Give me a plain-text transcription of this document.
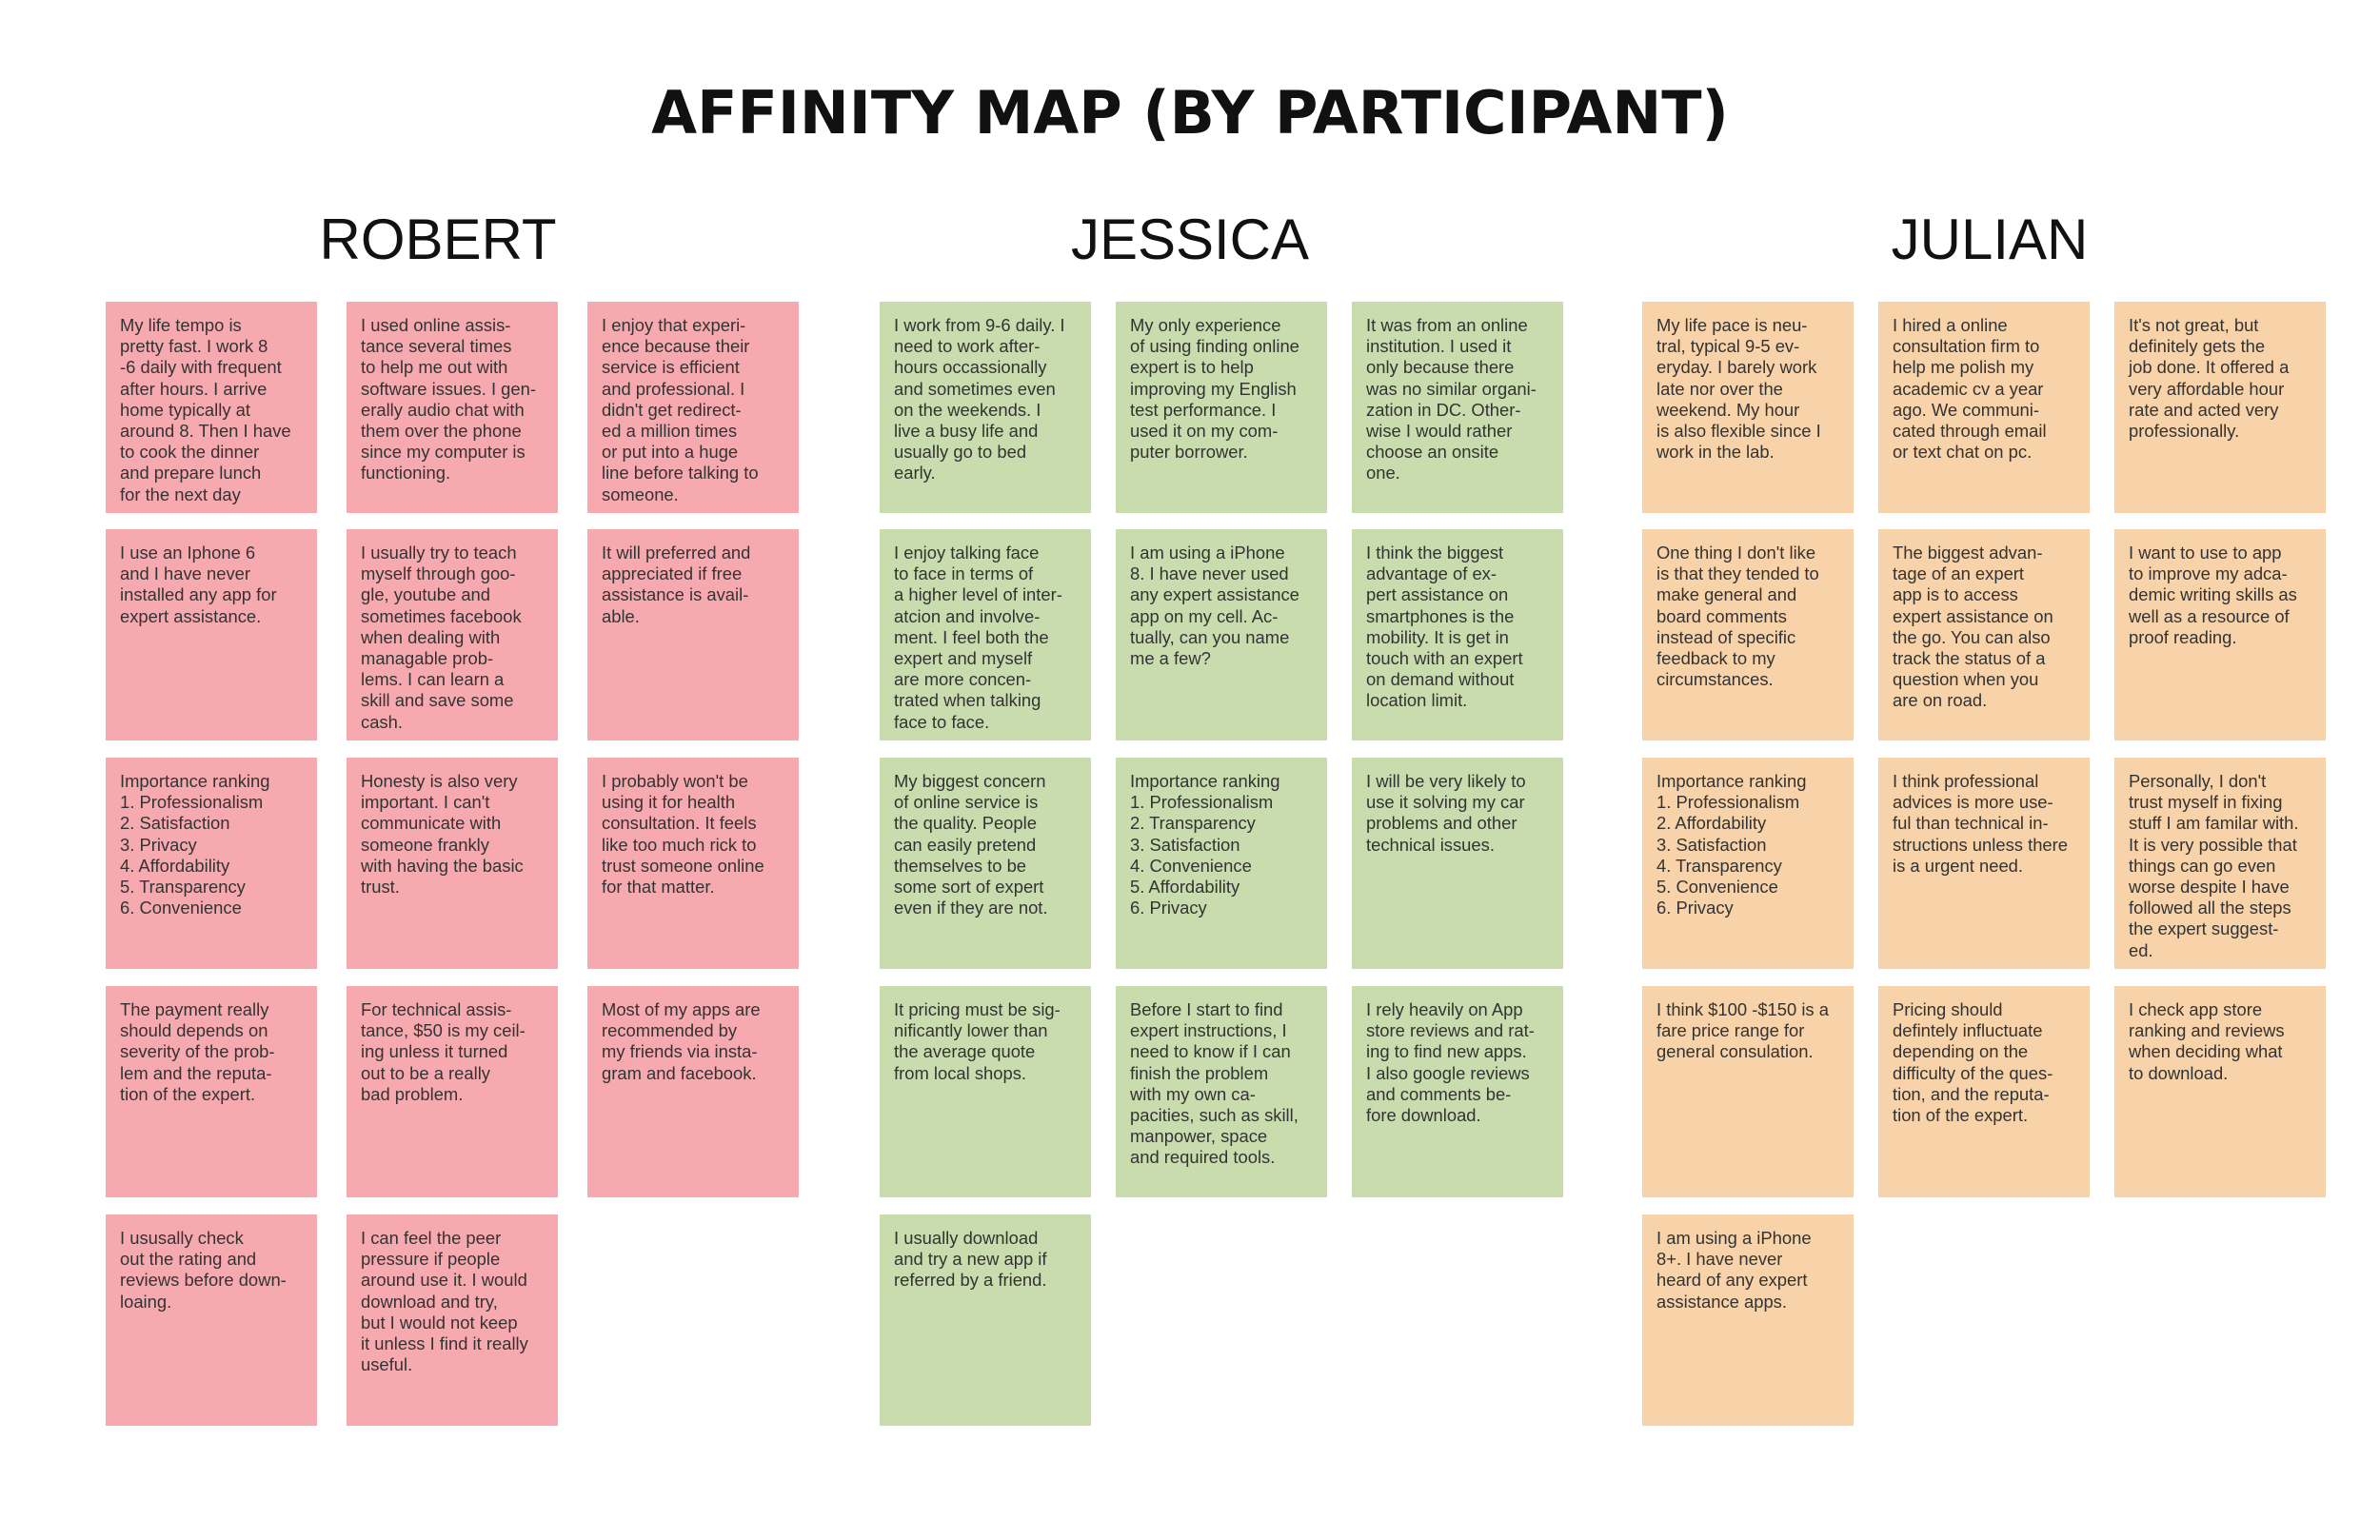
AFFINITY MAP (BY PARTICIPANT)
ROBERT
My life tempo is
pretty fast. I work 8
-6 daily with frequent
after hours. I arrive
home typically at
around 8. Then I have
to cook the dinner
and prepare lunch
for the next day
I used online assis-
tance several times
to help me out with
software issues. I gen-
erally audio chat with
them over the phone
since my computer is
functioning.
I enjoy that experi-
ence because their
service is efficient
and professional. I
didn't get redirect-
ed a million times
or put into a huge
line before talking to
someone.
I use an Iphone 6
and I have never
installed any app for
expert assistance.
I usually try to teach
myself through goo-
gle, youtube and
sometimes facebook
when dealing with
managable prob-
lems. I can learn a
skill and save some
cash.
It will preferred and
appreciated if free
assistance is avail-
able.
Importance ranking
1. Professionalism
2. Satisfaction
3. Privacy
4. Affordability
5. Transparency
6. Convenience
Honesty is also very
important. I can't
communicate with
someone frankly
with having the basic
trust.
I probably won't be
using it for health
consultation. It feels
like too much rick to
trust someone online
for that matter.
The payment really
should depends on
severity of the prob-
lem and the reputa-
tion of the expert.
For technical assis-
tance, $50 is my ceil-
ing unless it turned
out to be a really
bad problem.
Most of my apps are
recommended by
my friends via insta-
gram and facebook.
I ususally check
out the rating and
reviews before down-
loaing.
I can feel the peer
pressure if people
around use it. I would
download and try,
but I would not keep
it unless I find it really
useful.
JESSICA
I work from 9-6 daily. I
need to work after-
hours occassionally
and sometimes even
on the weekends. I
live a busy life and
usually go to bed
early.
My only experience
of using finding online
expert is to help
improving my English
test performance. I
used it on my com-
puter borrower.
It was from an online
institution. I used it
only because there
was no similar organi-
zation in DC. Other-
wise I would rather
choose an onsite
one.
I enjoy talking face
to face in terms of
a higher level of inter-
atcion and involve-
ment. I feel both the
expert and myself
are more concen-
trated when talking
face to face.
I am using a iPhone
8. I have never used
any expert assistance
app on my cell. Ac-
tually, can you name
me a few?
I think the biggest
advantage of ex-
pert assistance on
smartphones is the
mobility. It is get in
touch with an expert
on demand without
location limit.
My biggest concern
of online service is
the quality. People
can easily pretend
themselves to be
some sort of expert
even if they are not.
Importance ranking
1. Professionalism
2. Transparency
3. Satisfaction
4. Convenience
5. Affordability
6. Privacy
I will be very likely to
use it solving my car
problems and other
technical issues.
It pricing must be sig-
nificantly lower than
the average quote
from local shops.
Before I start to find
expert instructions, I
need to know if I can
finish the problem
with my own ca-
pacities, such as skill,
manpower, space
and required tools.
I rely heavily on App
store reviews and rat-
ing to find new apps.
I also google reviews
and comments be-
fore download.
I usually download
and try a new app if
referred by a friend.
JULIAN
My life pace is neu-
tral, typical 9-5 ev-
eryday. I barely work
late nor over the
weekend. My hour
is also flexible since I
work in the lab.
I hired a online
consultation firm to
help me polish my
academic cv a year
ago. We communi-
cated through email
or text chat on pc.
It's not great, but
definitely gets the
job done. It offered a
very affordable hour
rate and acted very
professionally.
One thing I don't like
is that they tended to
make general and
board comments
instead of specific
feedback to my
circumstances.
The biggest advan-
tage of an expert
app is to access
expert assistance on
the go. You can also
track the status of a
question when you
are on road.
I want to use to app
to improve my adca-
demic writing skills as
well as a resource of
proof reading.
Importance ranking
1. Professionalism
2. Affordability
3. Satisfaction
4. Transparency
5. Convenience
6. Privacy
I think professional
advices is more use-
ful than technical in-
structions unless there
is a urgent need.
Personally, I don't
trust myself in fixing
stuff I am familar with.
It is very possible that
things can go even
worse despite I have
followed all the steps
the expert suggest-
ed.
I think $100 -$150 is a
fare price range for
general consulation.
Pricing should
defintely influctuate
depending on the
difficulty of the ques-
tion, and the reputa-
tion of the expert.
I check app store
ranking and reviews
when deciding what
to download.
I am using a iPhone
8+. I have never
heard of any expert
assistance apps.
